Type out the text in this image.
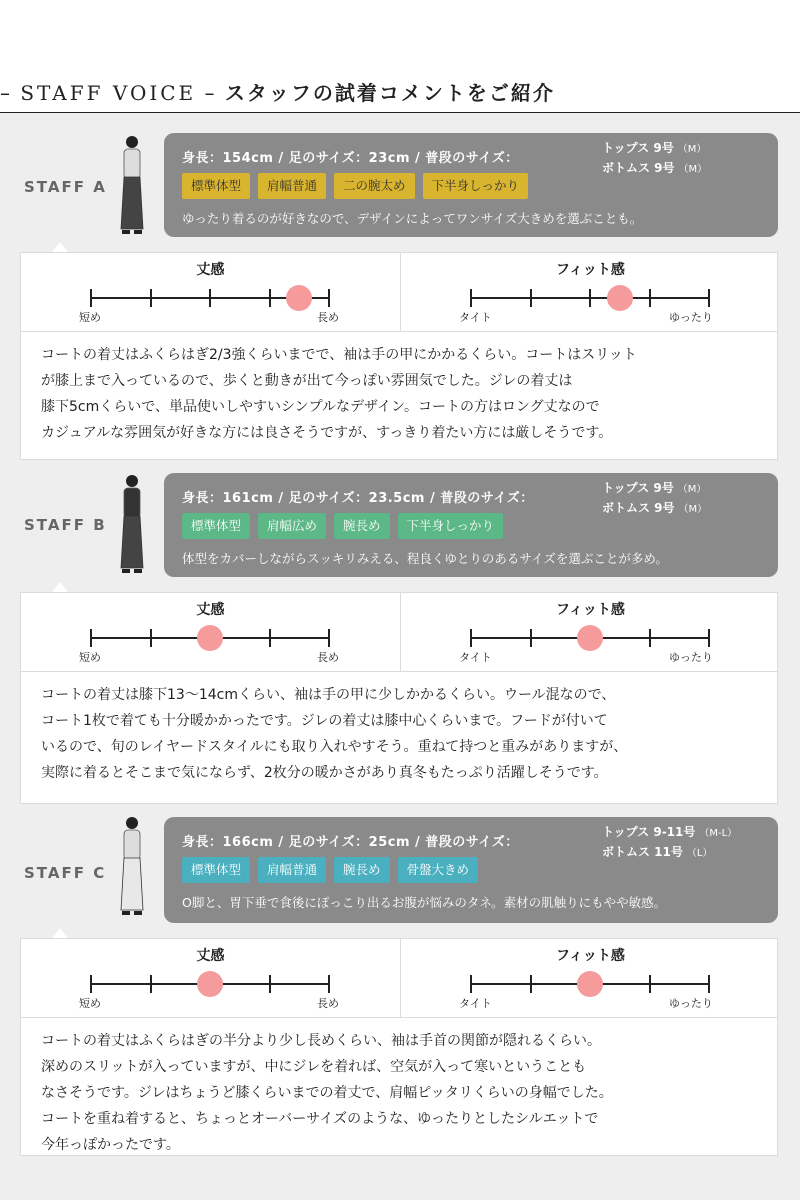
– STAFF VOICE – スタッフの試着コメントをご紹介
STAFF A
身長：154cm / 足のサイズ：23cm / 普段のサイズ：
トップス 9号 （M）
ボトムス 9号 （M）
標準体型	肩幅普通	二の腕太め	下半身しっかり
ゆったり着るのが好きなので、デザインによってワンサイズ大きめを選ぶことも。
丈感
短め	長め
フィット感
タイト	ゆったり

コートの着丈はふくらはぎ2/3強くらいまでで、袖は手の甲にかかるくらい。コートはスリット

が膝上まで入っているので、歩くと動きが出て今っぽい雰囲気でした。ジレの着丈は

膝下5cmくらいで、単品使いしやすいシンプルなデザイン。コートの方はロング丈なので

カジュアルな雰囲気が好きな方には良さそうですが、すっきり着たい方には厳しそうです。

STAFF B
身長：161cm / 足のサイズ：23.5cm / 普段のサイズ：
トップス 9号 （M）
ボトムス 9号 （M）
標準体型	肩幅広め	腕長め	下半身しっかり
体型をカバーしながらスッキリみえる、程良くゆとりのあるサイズを選ぶことが多め。
丈感
短め	長め
フィット感
タイト	ゆったり

コートの着丈は膝下13〜14cmくらい、袖は手の甲に少しかかるくらい。ウール混なので、

コート1枚で着ても十分暖かかったです。ジレの着丈は膝中心くらいまで。フードが付いて

いるので、旬のレイヤードスタイルにも取り入れやすそう。重ねて持つと重みがありますが、

実際に着るとそこまで気にならず、2枚分の暖かさがあり真冬もたっぷり活躍しそうです。

STAFF C
身長：166cm / 足のサイズ：25cm / 普段のサイズ：
トップス 9-11号 （M-L）
ボトムス 11号 （L）
標準体型	肩幅普通	腕長め	骨盤大きめ
O脚と、胃下垂で食後にぽっこり出るお腹が悩みのタネ。素材の肌触りにもやや敏感。
丈感
短め	長め
フィット感
タイト	ゆったり

コートの着丈はふくらはぎの半分より少し長めくらい、袖は手首の関節が隠れるくらい。

深めのスリットが入っていますが、中にジレを着れば、空気が入って寒いということも

なさそうです。ジレはちょうど膝くらいまでの着丈で、肩幅ピッタリくらいの身幅でした。

コートを重ね着すると、ちょっとオーバーサイズのような、ゆったりとしたシルエットで

今年っぽかったです。
